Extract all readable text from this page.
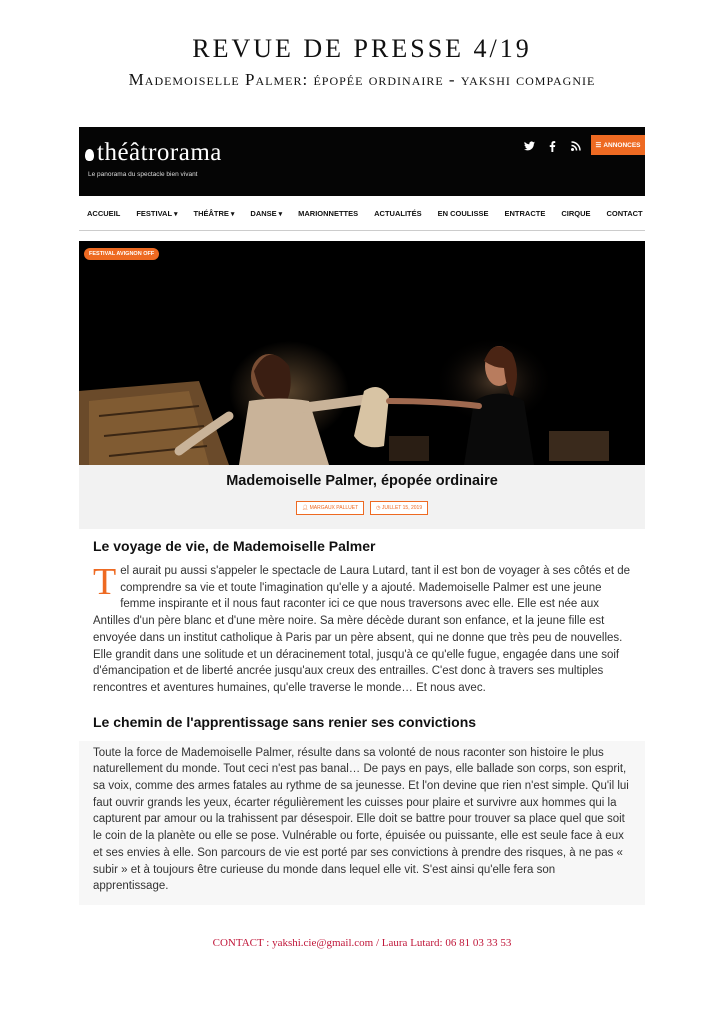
REVUE DE PRESSE 4/19
Mademoiselle Palmer: épopée ordinaire - yakshi compagnie
théâtrorama
Le panorama du spectacle bien vivant
☰ ANNONCES
ACCUEIL FESTIVAL ▾	THÉÂTRE ▾	DANSE ▾	MARIONNETTES ACTUALITÉS EN COULISSE ENTRACTE CIRQUE CONTACT
FESTIVAL AVIGNON OFF
Mademoiselle Palmer, épopée ordinaire
👤︎ MARGAUX PALLUET	◷ JUILLET 15, 2019
Le voyage de vie, de Mademoiselle Palmer

Tel aurait pu aussi s'appeler le spectacle de Laura Lutard, tant il est bon de voyager à ses côtés et de comprendre sa vie et toute l'imagination qu'elle y a ajouté. Mademoiselle Palmer est une jeune femme inspirante et il nous faut raconter ici ce que nous traversons avec elle. Elle est née aux Antilles d'un père blanc et d'une mère noire. Sa mère décède durant son enfance, et la jeune fille est envoyée dans un institut catholique à Paris par un père absent, qui ne donne que très peu de nouvelles. Elle grandit dans une solitude et un déracinement total, jusqu'à ce qu'elle fugue, engagée dans une soif d'émancipation et de liberté ancrée jusqu'aux creux des entrailles. C'est donc à travers ses multiples rencontres et aventures humaines, qu'elle traverse le monde… Et nous avec.

Le chemin de l'apprentissage sans renier ses convictions

Toute la force de Mademoiselle Palmer, résulte dans sa volonté de nous raconter son histoire le plus naturellement du monde. Tout ceci n'est pas banal… De pays en pays, elle ballade son corps, son esprit, sa voix, comme des armes fatales au rythme de sa jeunesse. Et l'on devine que rien n'est simple. Qu'il lui faut ouvrir grands les yeux, écarter régulièrement les cuisses pour plaire et survivre aux hommes qui la capturent par amour ou la trahissent par désespoir. Elle doit se battre pour trouver sa place quel que soit le coin de la planète ou elle se pose. Vulnérable ou forte, épuisée ou puissante, elle est seule face à eux et ses envies à elle. Son parcours de vie est porté par ses convictions à prendre des risques, à ne pas « subir » et à toujours être curieuse du monde dans lequel elle vit. S'est ainsi qu'elle fera son apprentissage.

CONTACT : yakshi.cie@gmail.com / Laura Lutard: 06 81 03 33 53
